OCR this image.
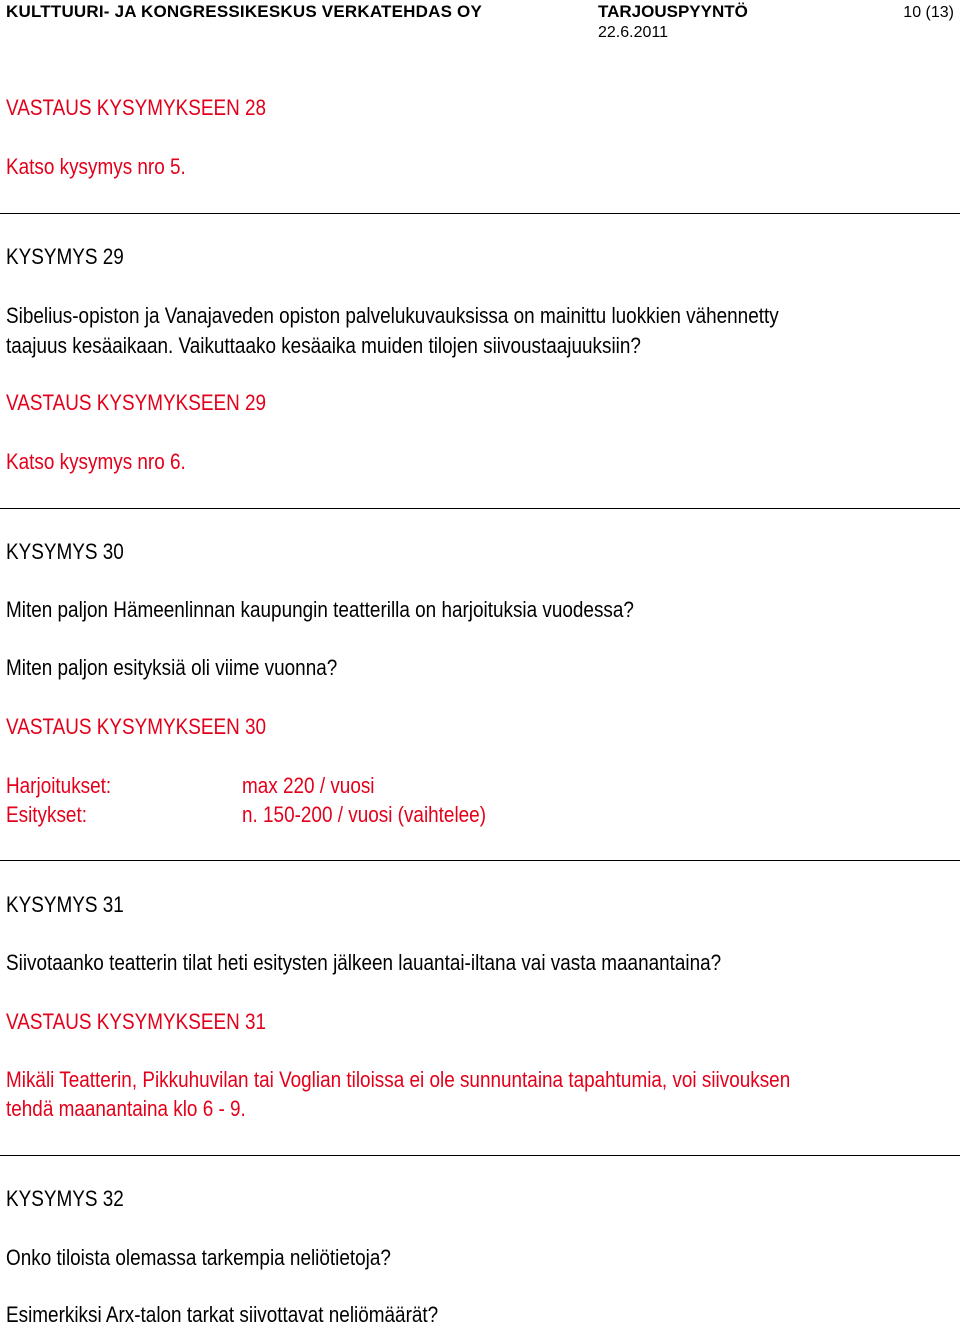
KULTTUURI- JA KONGRESSIKESKUS VERKATEHDAS OY	TARJOUSPYYNTÖ
22.6.2011
10 (13)
VASTAUS KYSYMYKSEEN 28
Katso kysymys nro 5.
KYSYMYS 29
Sibelius-opiston ja Vanajaveden opiston palvelukuvauksissa on mainittu luokkien vähennetty
taajuus kesäaikaan. Vaikuttaako kesäaika muiden tilojen siivoustaajuuksiin?
VASTAUS KYSYMYKSEEN 29
Katso kysymys nro 6.
KYSYMYS 30
Miten paljon Hämeenlinnan kaupungin teatterilla on harjoituksia vuodessa?
Miten paljon esityksiä oli viime vuonna?
VASTAUS KYSYMYKSEEN 30
Harjoitukset:	max 220 / vuosi
Esitykset:	n. 150-200 / vuosi (vaihtelee)
KYSYMYS 31
Siivotaanko teatterin tilat heti esitysten jälkeen lauantai-iltana vai vasta maanantaina?
VASTAUS KYSYMYKSEEN 31
Mikäli Teatterin, Pikkuhuvilan tai Voglian tiloissa ei ole sunnuntaina tapahtumia, voi siivouksen
tehdä maanantaina klo 6 - 9.
KYSYMYS 32
Onko tiloista olemassa tarkempia neliötietoja?
Esimerkiksi Arx-talon tarkat siivottavat neliömäärät?
